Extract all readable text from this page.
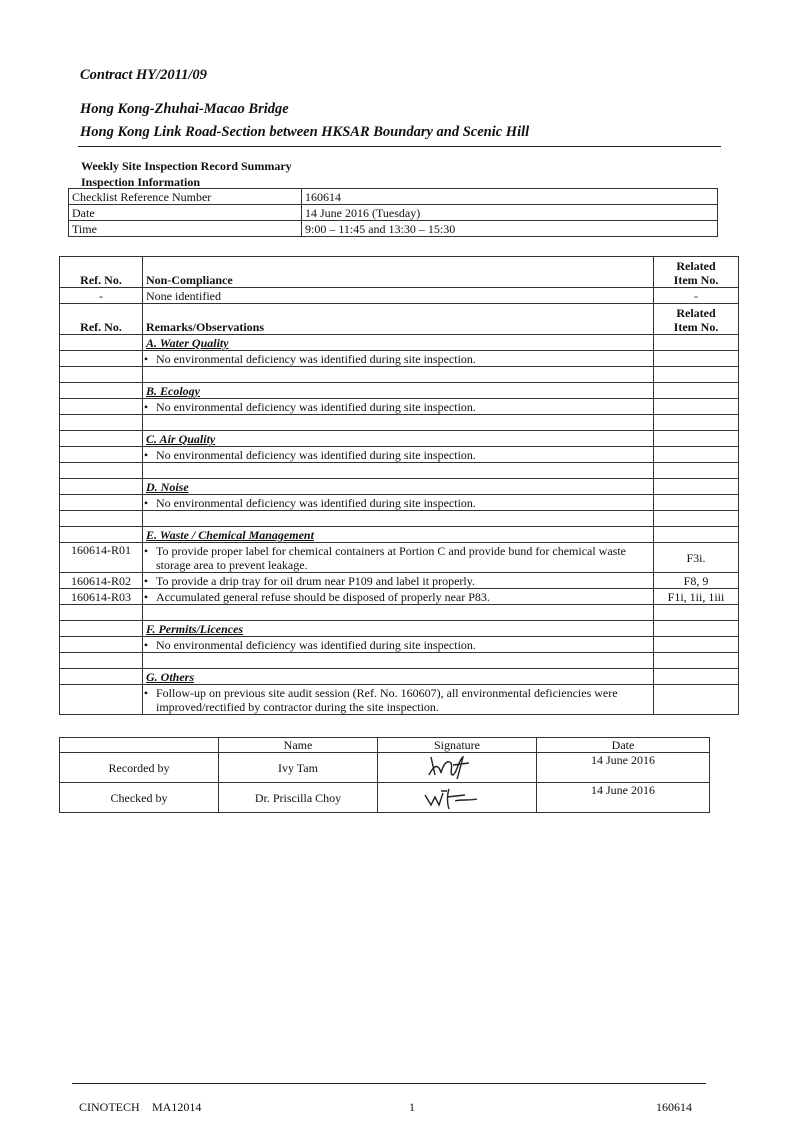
Contract HY/2011/09
Hong Kong-Zhuhai-Macao Bridge
Hong Kong Link Road-Section between HKSAR Boundary and Scenic Hill
Weekly Site Inspection Record Summary
Inspection Information
Checklist Reference Number	160614
Date	14 June 2016 (Tuesday)
Time	9:00 – 11:45 and 13:30 – 15:30
Ref. No.	Non-Compliance	Related
Item No.
-	None identified	-
Ref. No.	Remarks/Observations	Related
Item No.
	A. Water Quality	
	• No environmental deficiency was identified during site inspection.	

	B. Ecology	
	• No environmental deficiency was identified during site inspection.	

	C. Air Quality	
	• No environmental deficiency was identified during site inspection.	

	D. Noise	
	• No environmental deficiency was identified during site inspection.	

	E. Waste / Chemical Management	
160614-R01	• To provide proper label for chemical containers at Portion C and provide bund for chemical waste storage area to prevent leakage.	F3i.
160614-R02	• To provide a drip tray for oil drum near P109 and label it properly.	F8, 9
160614-R03	• Accumulated general refuse should be disposed of properly near P83.	F1i, 1ii, 1iii

	F. Permits/Licences	
	• No environmental deficiency was identified during site inspection.	

	G. Others	
	• Follow-up on previous site audit session (Ref. No. 160607), all environmental deficiencies were improved/rectified by contractor during the site inspection.	
	Name	Signature	Date
Recorded by	Ivy Tam		14 June 2016
Checked by	Dr. Priscilla Choy		14 June 2016
CINOTECH MA12014	1	160614
